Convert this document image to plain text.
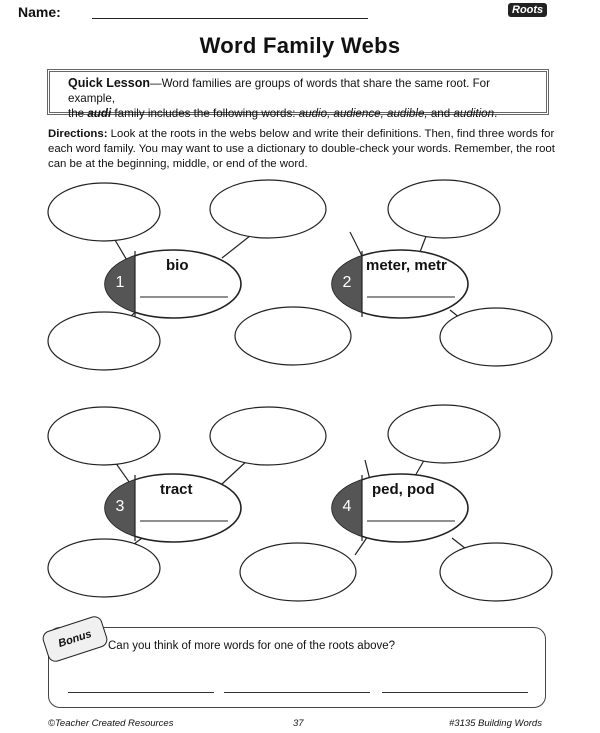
Name:	Roots
Word Family Webs
Quick Lesson—Word families are groups of words that share the same root. For example,
the audi family includes the following words: audio, audience, audible, and audition.
Directions: Look at the roots in the webs below and write their definitions. Then, find three words for each word family. You may want to use a dictionary to double-check your words. Remember, the root can be at the beginning, middle, or end of the word.
1
bio
2
meter, metr
3
tract
4
ped, pod
Bonus	Can you think of more words for one of the roots above?
©Teacher Created Resources	37	#3135 Building Words
